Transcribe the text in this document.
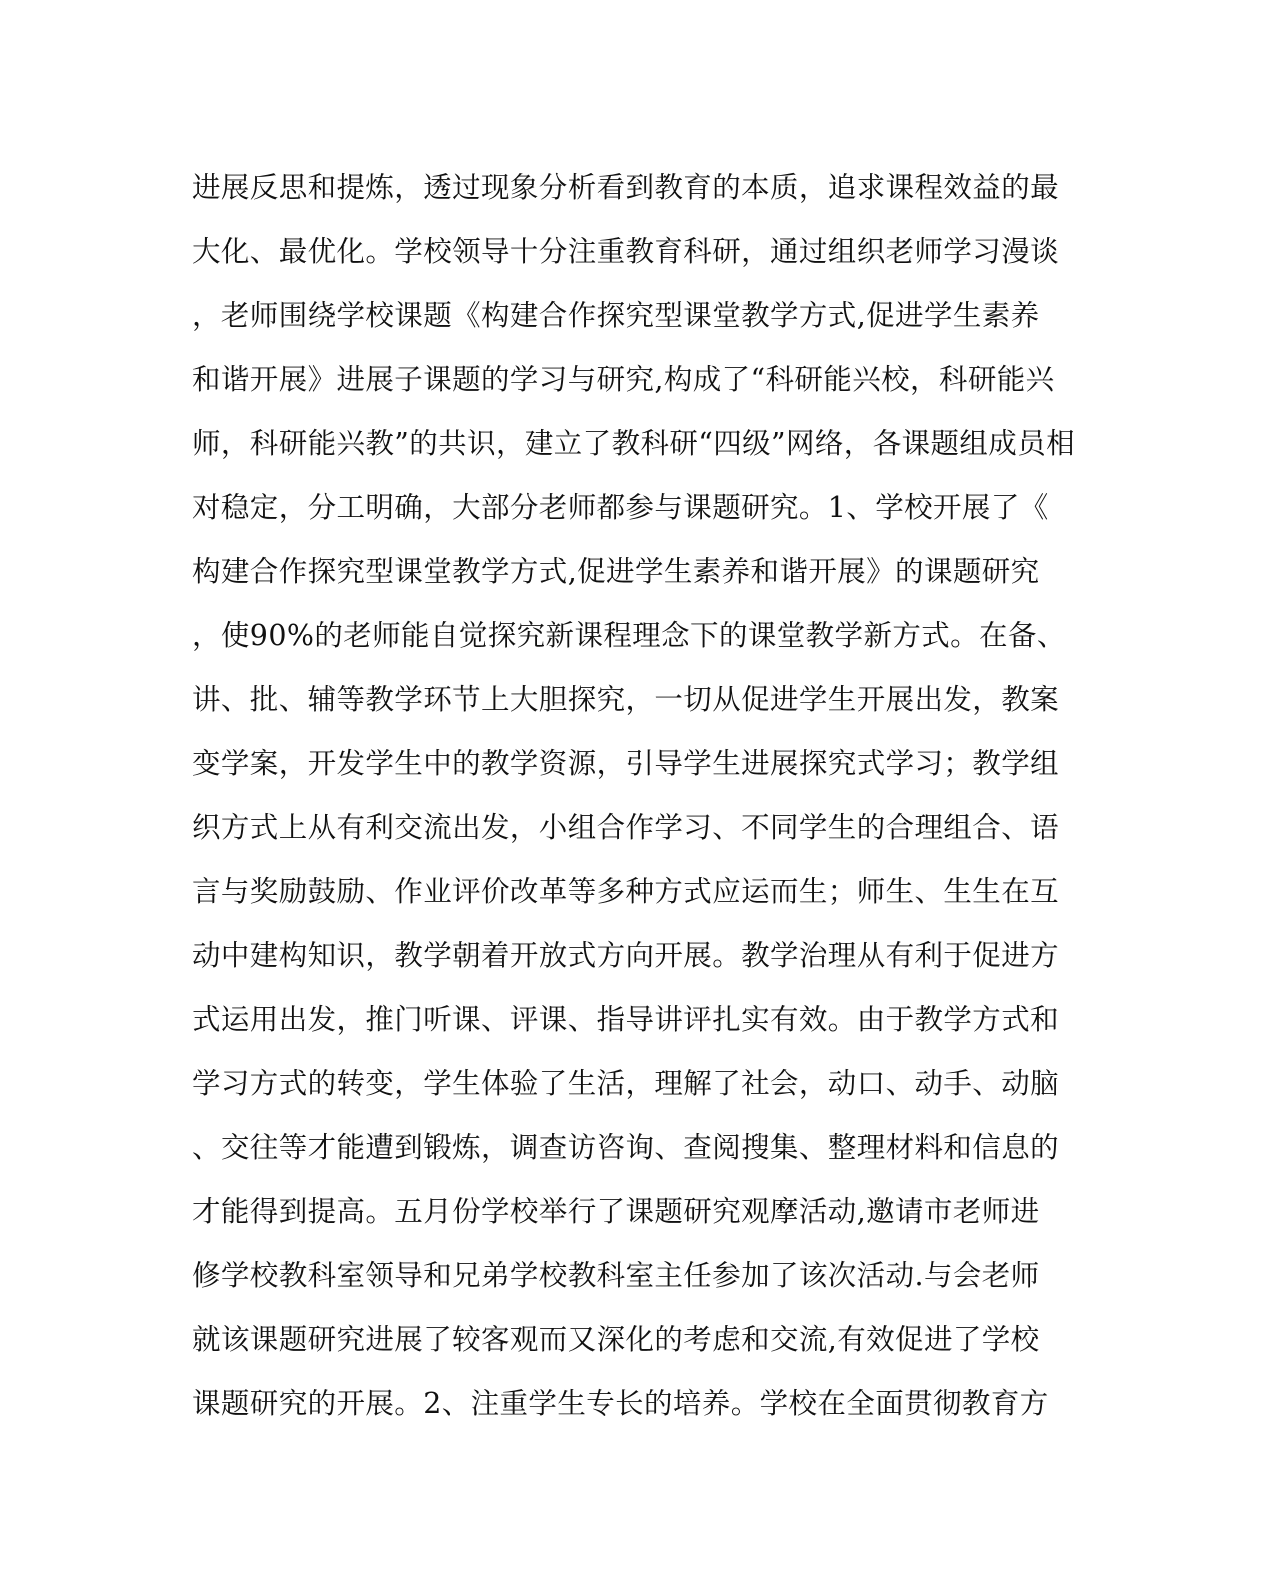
进展反思和提炼，透过现象分析看到教育的本质，追求课程效益的最
大化、最优化。学校领导十分注重教育科研，通过组织老师学习漫谈
，老师围绕学校课题《构建合作探究型课堂教学方式,促进学生素养
和谐开展》进展子课题的学习与研究,构成了“科研能兴校，科研能兴
师，科研能兴教”的共识，建立了教科研“四级”网络，各课题组成员相
对稳定，分工明确，大部分老师都参与课题研究。1、学校开展了《
构建合作探究型课堂教学方式,促进学生素养和谐开展》的课题研究
，使90%的老师能自觉探究新课程理念下的课堂教学新方式。在备、
讲、批、辅等教学环节上大胆探究，一切从促进学生开展出发，教案
变学案，开发学生中的教学资源，引导学生进展探究式学习；教学组
织方式上从有利交流出发，小组合作学习、不同学生的合理组合、语
言与奖励鼓励、作业评价改革等多种方式应运而生；师生、生生在互
动中建构知识，教学朝着开放式方向开展。教学治理从有利于促进方
式运用出发，推门听课、评课、指导讲评扎实有效。由于教学方式和
学习方式的转变，学生体验了生活，理解了社会，动口、动手、动脑
、交往等才能遭到锻炼，调查访咨询、查阅搜集、整理材料和信息的
才能得到提高。五月份学校举行了课题研究观摩活动,邀请市老师进
修学校教科室领导和兄弟学校教科室主任参加了该次活动.与会老师
就该课题研究进展了较客观而又深化的考虑和交流,有效促进了学校
课题研究的开展。2、注重学生专长的培养。学校在全面贯彻教育方
